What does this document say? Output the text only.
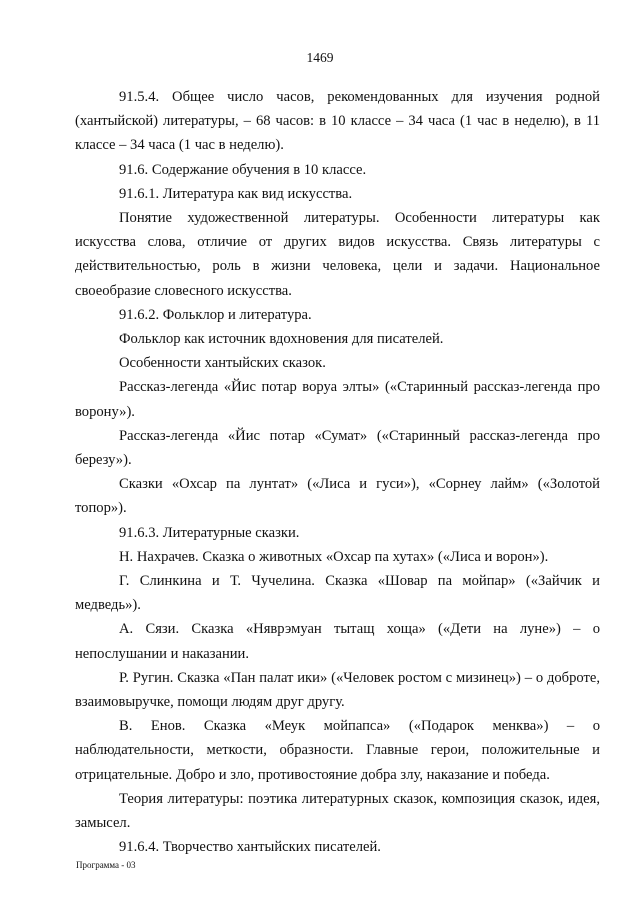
1469

91.5.4. Общее число часов, рекомендованных для изучения родной (хантыйской) литературы, – 68 часов: в 10 классе – 34 часа (1 час в неделю), в 11 классе – 34 часа (1 час в неделю).

91.6. Содержание обучения в 10 классе.

91.6.1. Литература как вид искусства.

Понятие художественной литературы. Особенности литературы как искусства слова, отличие от других видов искусства. Связь литературы с действительностью, роль в жизни человека, цели и задачи. Национальное своеобразие словесного искусства.

91.6.2. Фольклор и литература.

Фольклор как источник вдохновения для писателей.

Особенности хантыйских сказок.

Рассказ-легенда «Йис потар воруа элты» («Старинный рассказ-легенда про ворону»).

Рассказ-легенда «Йис потар «Сумат» («Старинный рассказ-легенда про березу»).

Сказки «Охсар па лунтат» («Лиса и гуси»), «Сорнеу лайм» («Золотой топор»).

91.6.3. Литературные сказки.

Н. Нахрачев. Сказка о животных «Охсар па хутах» («Лиса и ворон»).

Г. Слинкина и Т. Чучелина. Сказка «Шовар па мойпар» («Зайчик и медведь»).

А. Сязи. Сказка «Няврэмуан тытащ хоща» («Дети на луне») – о непослушании и наказании.

Р. Ругин. Сказка «Пан палат ики» («Человек ростом с мизинец») – о доброте, взаимовыручке, помощи людям друг другу.

В. Енов. Сказка «Меук мойпапса» («Подарок менква») – о наблюдательности, меткости, образности. Главные герои, положительные и отрицательные. Добро и зло, противостояние добра злу, наказание и победа.

Теория литературы: поэтика литературных сказок, композиция сказок, идея, замысел.

91.6.4. Творчество хантыйских писателей.

Программа - 03
